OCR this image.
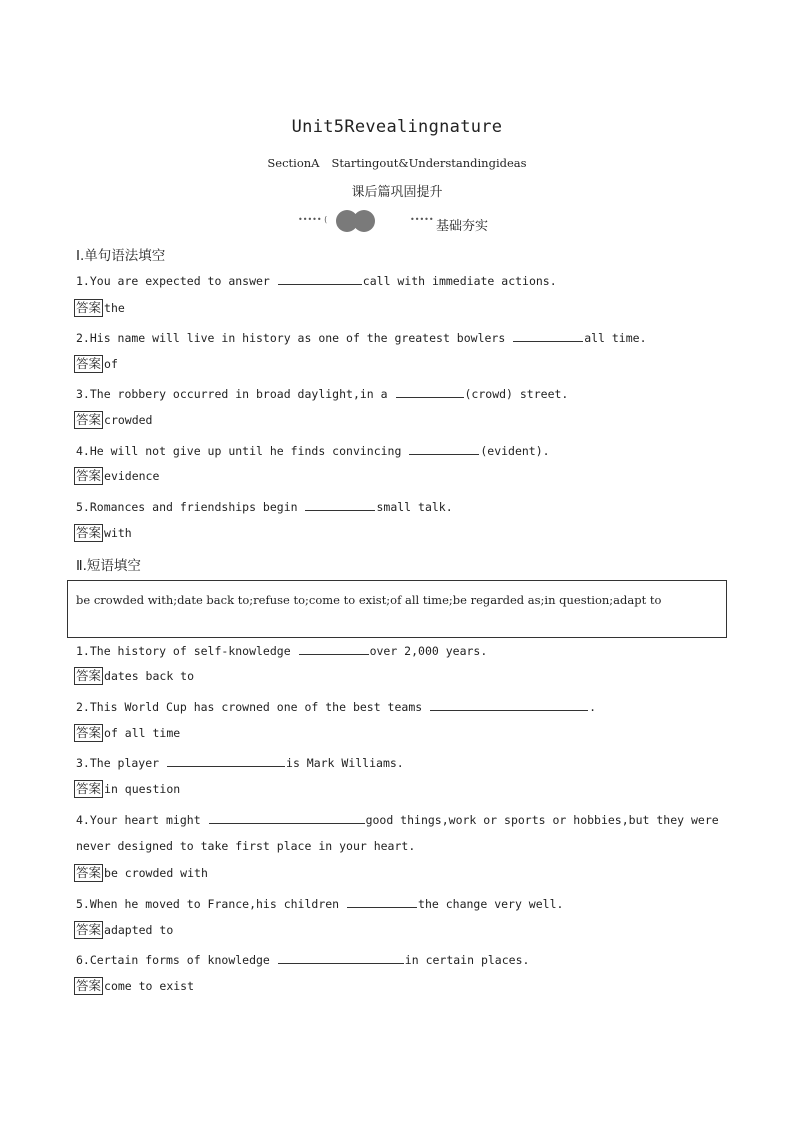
Unit5Revealingnature
SectionA Startingout&Understandingideas
课后篇巩固提升
••••• (	••••• 基础夯实
Ⅰ.单句语法填空
1.You are expected to answer	call with immediate actions.
答案 the
2.His name will live in history as one of the greatest bowlers	all time.
答案 of
3.The robbery occurred in broad daylight,in a	(crowd) street.
答案 crowded
4.He will not give up until he finds convincing	(evident).
答案 evidence
5.Romances and friendships begin	small talk.
答案 with
Ⅱ.短语填空
be crowded with;date back to;refuse to;come to exist;of all time;be regarded as;in question;adapt to
1.The history of self-knowledge	over 2,000 years.
答案 dates back to
2.This World Cup has crowned one of the best teams	.
答案 of all time
3.The player	is Mark Williams.
答案 in question
4.Your heart might	good things,work or sports or hobbies,but they were
never designed to take first place in your heart.
答案 be crowded with
5.When he moved to France,his children	the change very well.
答案 adapted to
6.Certain forms of knowledge	in certain places.
答案 come to exist
